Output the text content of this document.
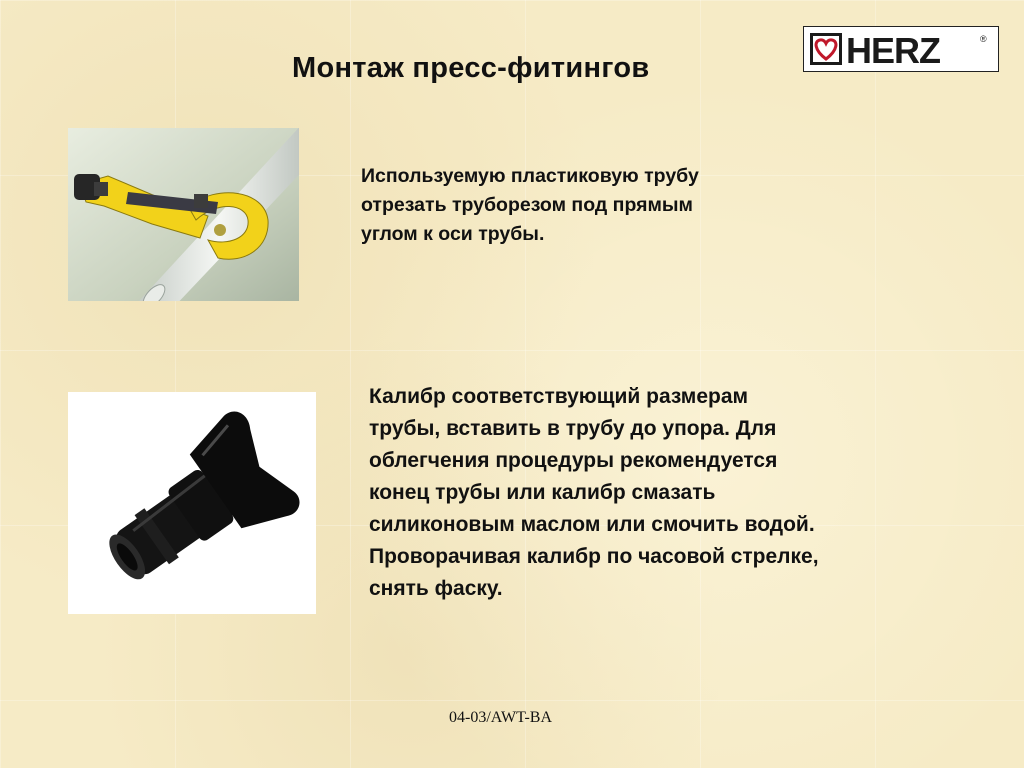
Монтаж пресс-фитингов	HERZ	®
Используемую пластиковую трубу
отрезать труборезом под прямым
углом к оси трубы.
Калибр соответствующий размерам
трубы, вставить в трубу до упора. Для
облегчения процедуры рекомендуется
конец трубы или калибр смазать
силиконовым маслом или смочить водой.
Проворачивая калибр по часовой стрелке,
снять фаску.
04-03/AWT-BA
